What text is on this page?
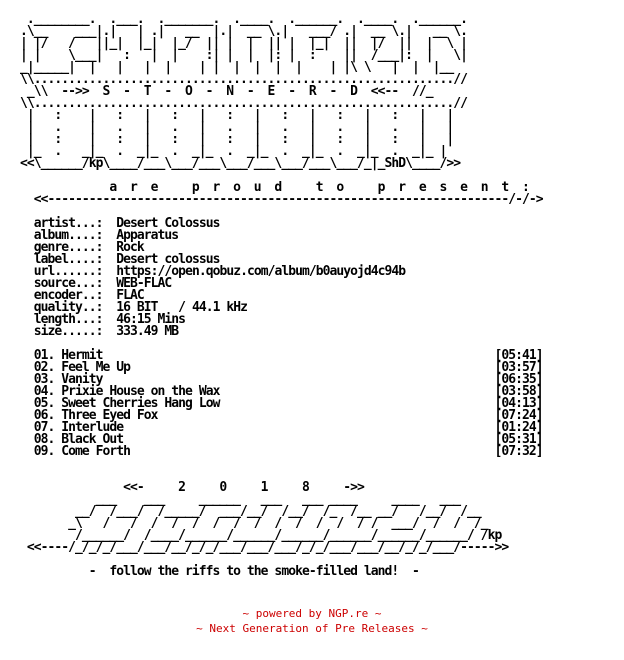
.________.  .___.  ._______.  .____.  .______.  .____.  .______.
.\__    ___|.|   | .|   __  |.|  __ \.|   ___/ .|  __ \.|   __ \.
| |/   /   ||_|  |_|  |_/  || |  |  || |  |_|  ||  |/  ||  |  \ |
| |    \___|   :   |  |    :| |  |  |: |  :    ||  /___|:  |   \|
_|_____|  |   |   |  |    | |  |  |  |  |    | |\ \   |  |  |__
\\.............................................................//
_\\  -->>  S  -  T  -  O  -  N  -  E  -  R  -  D  <<--  //_
\\.............................................................//
|   :    |   :   |   :   |   :   |   :   |   :   |   :   |   |
|   .    |   .   |   .   |   .   |   .   |   .   |   .   |   |
|   :    |   :   |   :   |   :   |   :   |   :   |   :   |   |
|_  .   _|_  .  _|_  .  _|_  .  _|_  .  _|_  .  _|_  .  _|_ |
<<\______/kp\____/___\___/___\___/___\___/___\___/_|_ShD\____/>>

a  r  e     p  r  o  u  d     t  o     p  r  e  s  e  n  t  :
<<-------------------------------------------------------------------/-/->

artist...:  Desert Colossus
album....:  Apparatus
genre....:  Rock
label....:  Desert colossus
url......:  https://open.qobuz.com/album/b0auyojd4c94b
source...:  WEB-FLAC
encoder..:  FLAC
quality..:  16 BIT   / 44.1 kHz
length...:  46:15 Mins
size.....:  333.49 MB

01. Hermit                                                         [05:41]
02. Feel Me Up                                                     [03:57]
03. Vanity                                                         [06:35]
04. Prixie House on the Wax                                        [03:58]
05. Sweet Cherries Hang Low                                        [04:13]
06. Three Eyed Fox                                                 [07:24]
07. Interlude                                                      [01:24]
08. Black Out                                                      [05:31]
09. Come Forth                                                     [07:32]

<<-     2     0     1     8     ->>
___    ___     ______   ___   ___ ____     ____   ___
__/  /___/  /_____/  ___/__/  /__/  /_  /__ __/   /__/  /__
_\   /   /  /  /  /  /  /  /  /  /  /  /  / /  ___/  /  /  /_
/______/  /____/______/______/______/______/______/______/ /kp
<<----/_/_/_/___/___/__/_/_/___/___/___/_/_/___/___/__/_/_/___/----->>

-  follow the riffs to the smoke-filled land!  -
~ powered by NGP.re ~
~ Next Generation of Pre Releases ~
